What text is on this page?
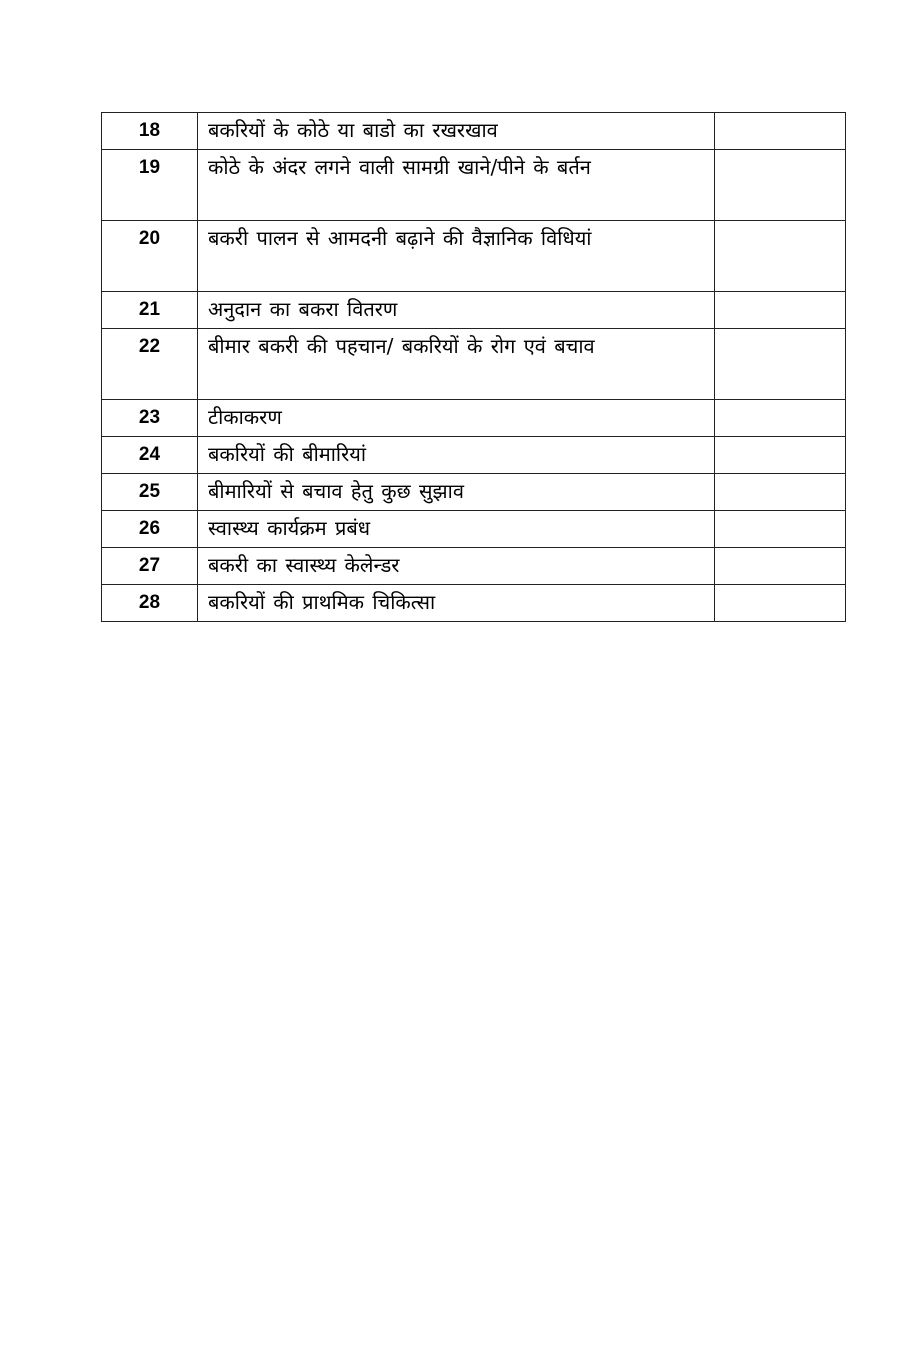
18	बकरियों के कोठे या बाडो का रखरखाव	
19	कोठे के अंदर लगने वाली सामग्री खाने/पीने के बर्तन	
20	बकरी पालन से आमदनी बढ़ाने की वैज्ञानिक विधियां	
21	अनुदान का बकरा वितरण	
22	बीमार बकरी की पहचान/ बकरियों के रोग एवं बचाव	
23	टीकाकरण	
24	बकरियों की बीमारियां	
25	बीमारियों से बचाव हेतु कुछ सुझाव	
26	स्वास्थ्य कार्यक्रम प्रबंध	
27	बकरी का स्वास्थ्य केलेन्डर	
28	बकरियों की प्राथमिक चिकित्सा	
